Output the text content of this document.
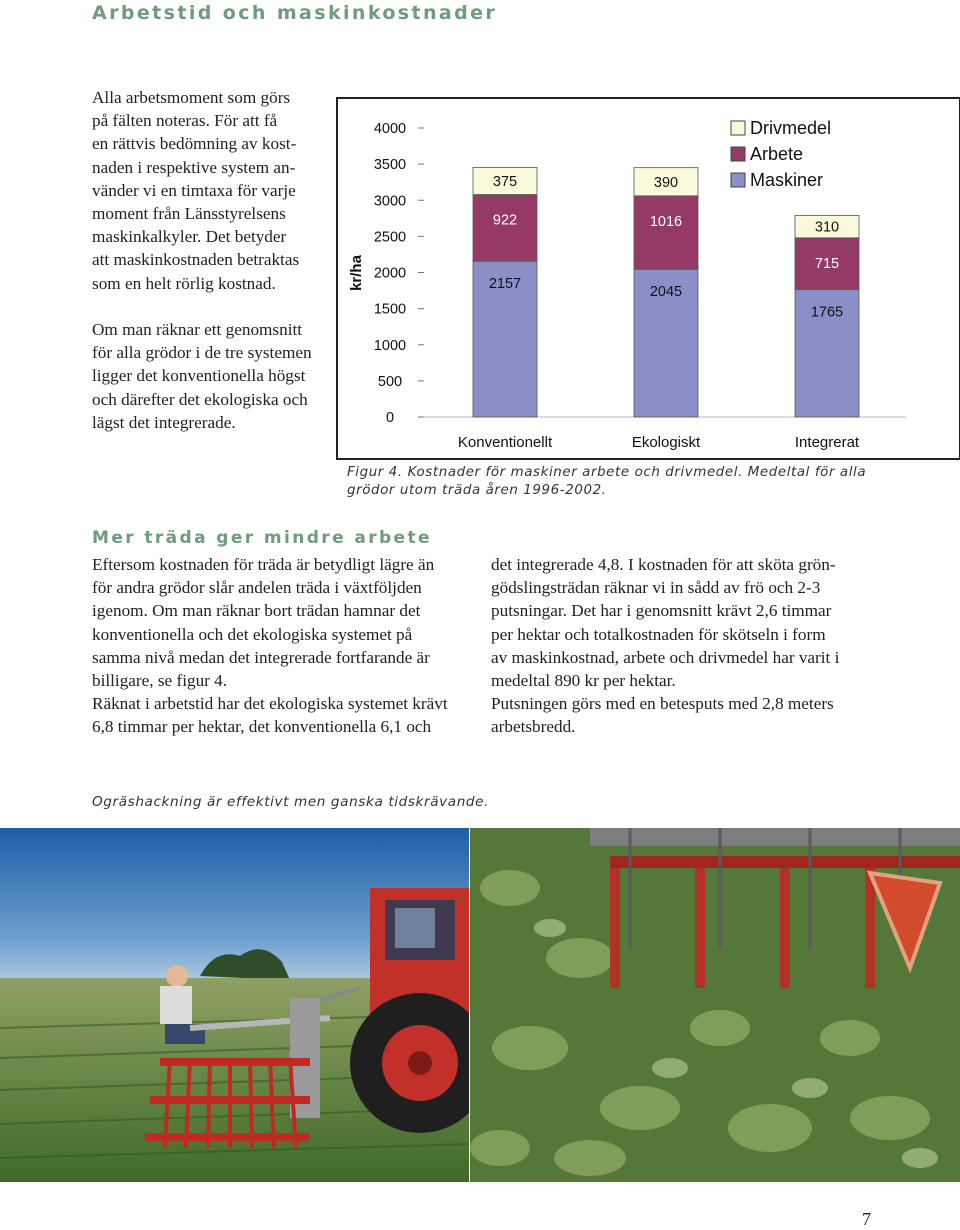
Arbetstid och maskinkostnader

Alla arbetsmoment som görs

på fälten noteras. För att få

en rättvis bedömning av kost-

naden i respektive system an-

vänder vi en timtaxa för varje

moment från Länsstyrelsens

maskinkalkyler. Det betyder

att maskinkostnaden betraktas

som en helt rörlig kostnad.

Om man räknar ett genomsnitt

för alla grödor i de tre systemen

ligger det konventionella högst

och därefter det ekologiska och

lägst det integrerade.	0
500
1000
1500
2000
2500
3000
3500
4000
kr/ha	2157
922
375
Konventionellt
2045
1016
390
Ekologiskt
1765
715
310
Integrerat
Drivmedel
Arbete
Maskiner
Figur 4. Kostnader för maskiner arbete och drivmedel. Medeltal för alla
grödor utom träda åren 1996-2002.
Mer träda ger mindre arbete

Eftersom kostnaden för träda är betydligt lägre än

för andra grödor slår andelen träda i växtföljden

igenom. Om man räknar bort trädan hamnar det

konventionella och det ekologiska systemet på

samma nivå medan det integrerade fortfarande är

billigare, se figur 4.

Räknat i arbetstid har det ekologiska systemet krävt

6,8 timmar per hektar, det konventionella 6,1 och

det integrerade 4,8. I kostnaden för att sköta grön-

gödslingsträdan räknar vi in sådd av frö och 2-3

putsningar. Det har i genomsnitt krävt 2,6 timmar

per hektar och totalkostnaden för skötseln i form

av maskinkostnad, arbete och drivmedel har varit i

medeltal 890 kr per hektar.

Putsningen görs med en betesputs med 2,8 meters

arbetsbredd.

Ogräshackning är effektivt men ganska tidskrävande.
7
